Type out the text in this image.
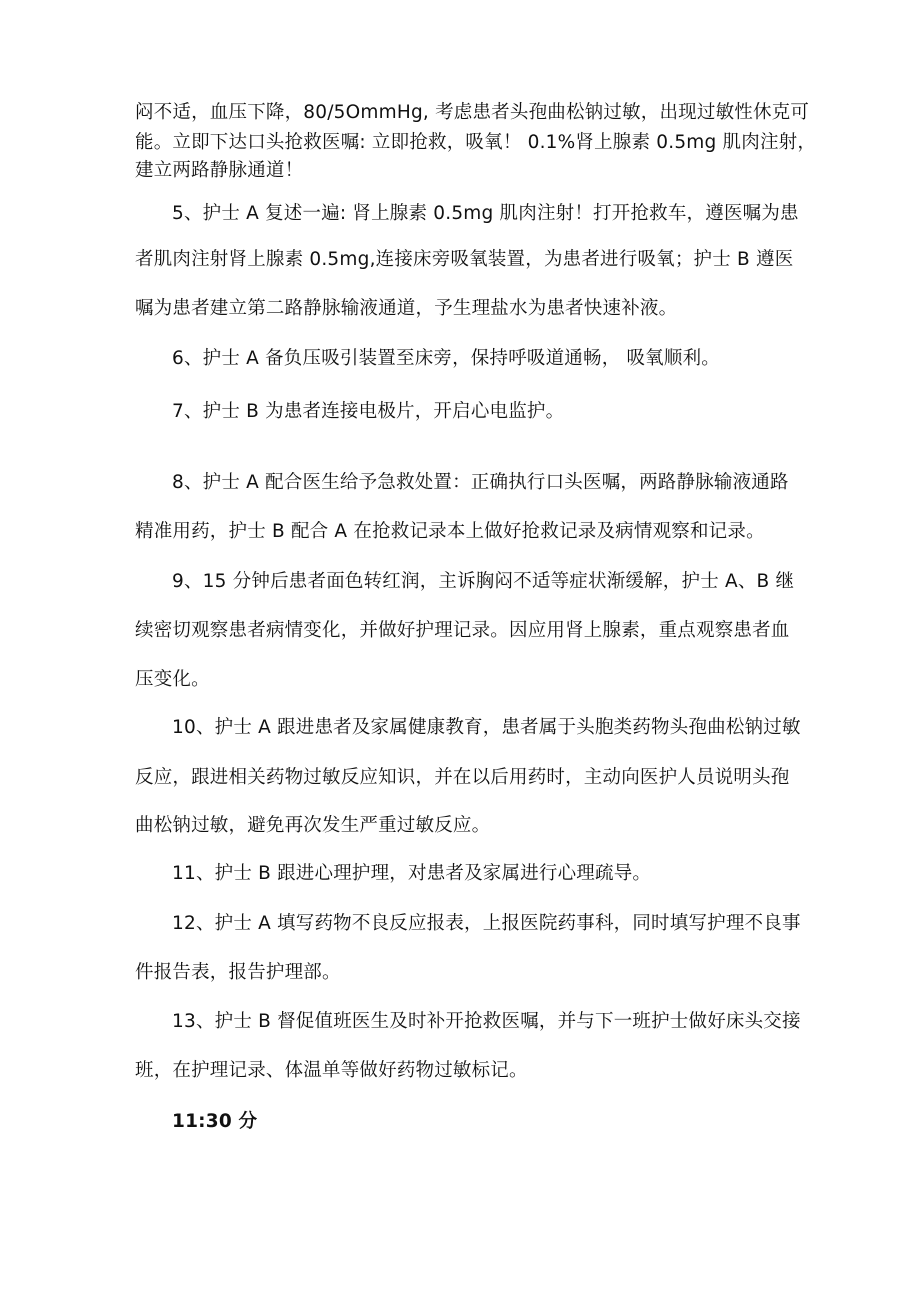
闷不适，血压下降，80/5OmmHg, 考虑患者头孢曲松钠过敏，出现过敏性休克可
能。立即下达口头抢救医嘱: 立即抢救，吸氧！ 0.1%肾上腺素 0.5mg 肌肉注射，
建立两路静脉通道！
5、护士 A 复述一遍: 肾上腺素 0.5mg 肌肉注射！打开抢救车，遵医嘱为患
者肌肉注射肾上腺素 0.5mg,连接床旁吸氧装置，为患者进行吸氧；护士 B 遵医
嘱为患者建立第二路静脉输液通道，予生理盐水为患者快速补液。
6、护士 A 备负压吸引装置至床旁，保持呼吸道通畅， 吸氧顺利。
7、护士 B 为患者连接电极片，开启心电监护。
8、护士 A 配合医生给予急救处置：正确执行口头医嘱，两路静脉输液通路
精准用药，护士 B 配合 A 在抢救记录本上做好抢救记录及病情观察和记录。
9、15 分钟后患者面色转红润，主诉胸闷不适等症状渐缓解，护士 A、B 继
续密切观察患者病情变化，并做好护理记录。因应用肾上腺素，重点观察患者血
压变化。
10、护士 A 跟进患者及家属健康教育，患者属于头胞类药物头孢曲松钠过敏
反应，跟进相关药物过敏反应知识，并在以后用药时，主动向医护人员说明头孢
曲松钠过敏，避免再次发生严重过敏反应。
11、护士 B 跟进心理护理，对患者及家属进行心理疏导。
12、护士 A 填写药物不良反应报表，上报医院药事科，同时填写护理不良事
件报告表，报告护理部。
13、护士 B 督促值班医生及时补开抢救医嘱，并与下一班护士做好床头交接
班，在护理记录、体温单等做好药物过敏标记。
11:30 分
